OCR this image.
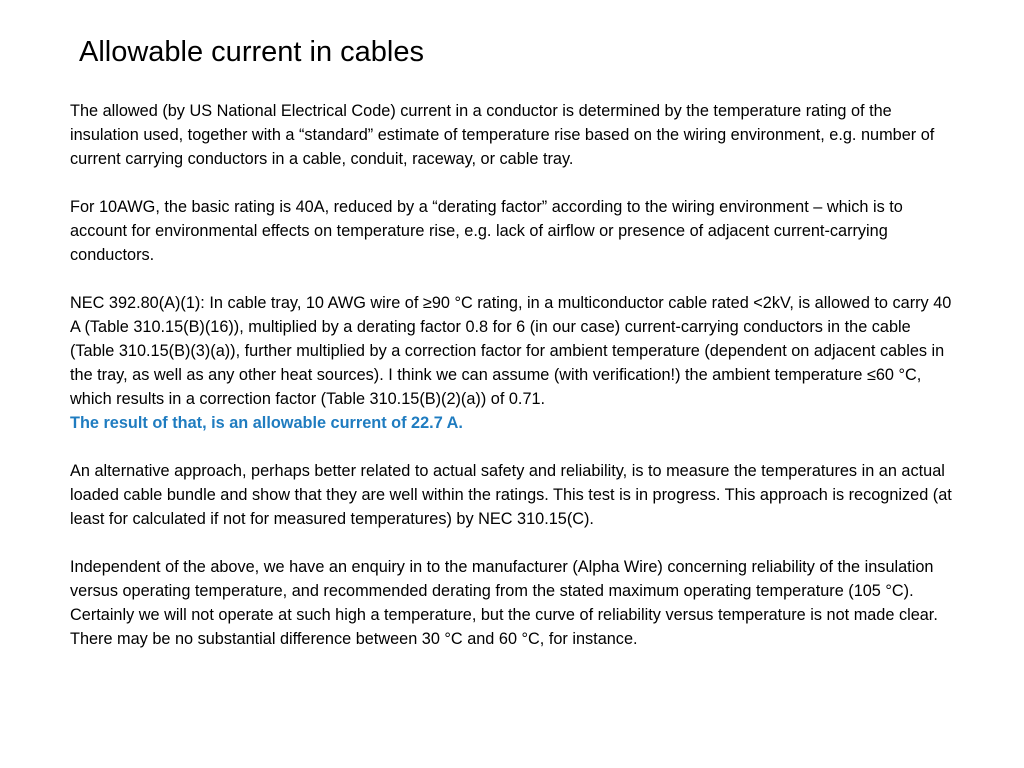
Allowable current in cables

The allowed (by US National Electrical Code) current in a conductor is determined by the temperature rating of the insulation used, together with a “standard” estimate of temperature rise based on the wiring environment, e.g. number of current carrying conductors in a cable, conduit, raceway, or cable tray.

For 10AWG, the basic rating is 40A, reduced by a “derating factor” according to the wiring environment – which is to account for environmental effects on temperature rise, e.g. lack of airflow or presence of adjacent current-carrying conductors.

NEC 392.80(A)(1): In cable tray, 10 AWG wire of ≥90 °C rating, in a multiconductor cable rated <2kV, is allowed to carry 40 A (Table 310.15(B)(16)), multiplied by a derating factor 0.8 for 6 (in our case) current-carrying conductors in the cable (Table 310.15(B)(3)(a)), further multiplied by a correction factor for ambient temperature (dependent on adjacent cables in the tray, as well as any other heat sources). I think we can assume (with verification!) the ambient temperature ≤60 °C, which results in a correction factor (Table 310.15(B)(2)(a)) of 0.71.

The result of that, is an allowable current of 22.7 A.

An alternative approach, perhaps better related to actual safety and reliability, is to measure the temperatures in an actual loaded cable bundle and show that they are well within the ratings. This test is in progress. This approach is recognized (at least for calculated if not for measured temperatures) by NEC 310.15(C).

Independent of the above, we have an enquiry in to the manufacturer (Alpha Wire) concerning reliability of the insulation versus operating temperature, and recommended derating from the stated maximum operating temperature (105 °C). Certainly we will not operate at such high a temperature, but the curve of reliability versus temperature is not made clear. There may be no substantial difference between 30 °C and 60 °C, for instance.
